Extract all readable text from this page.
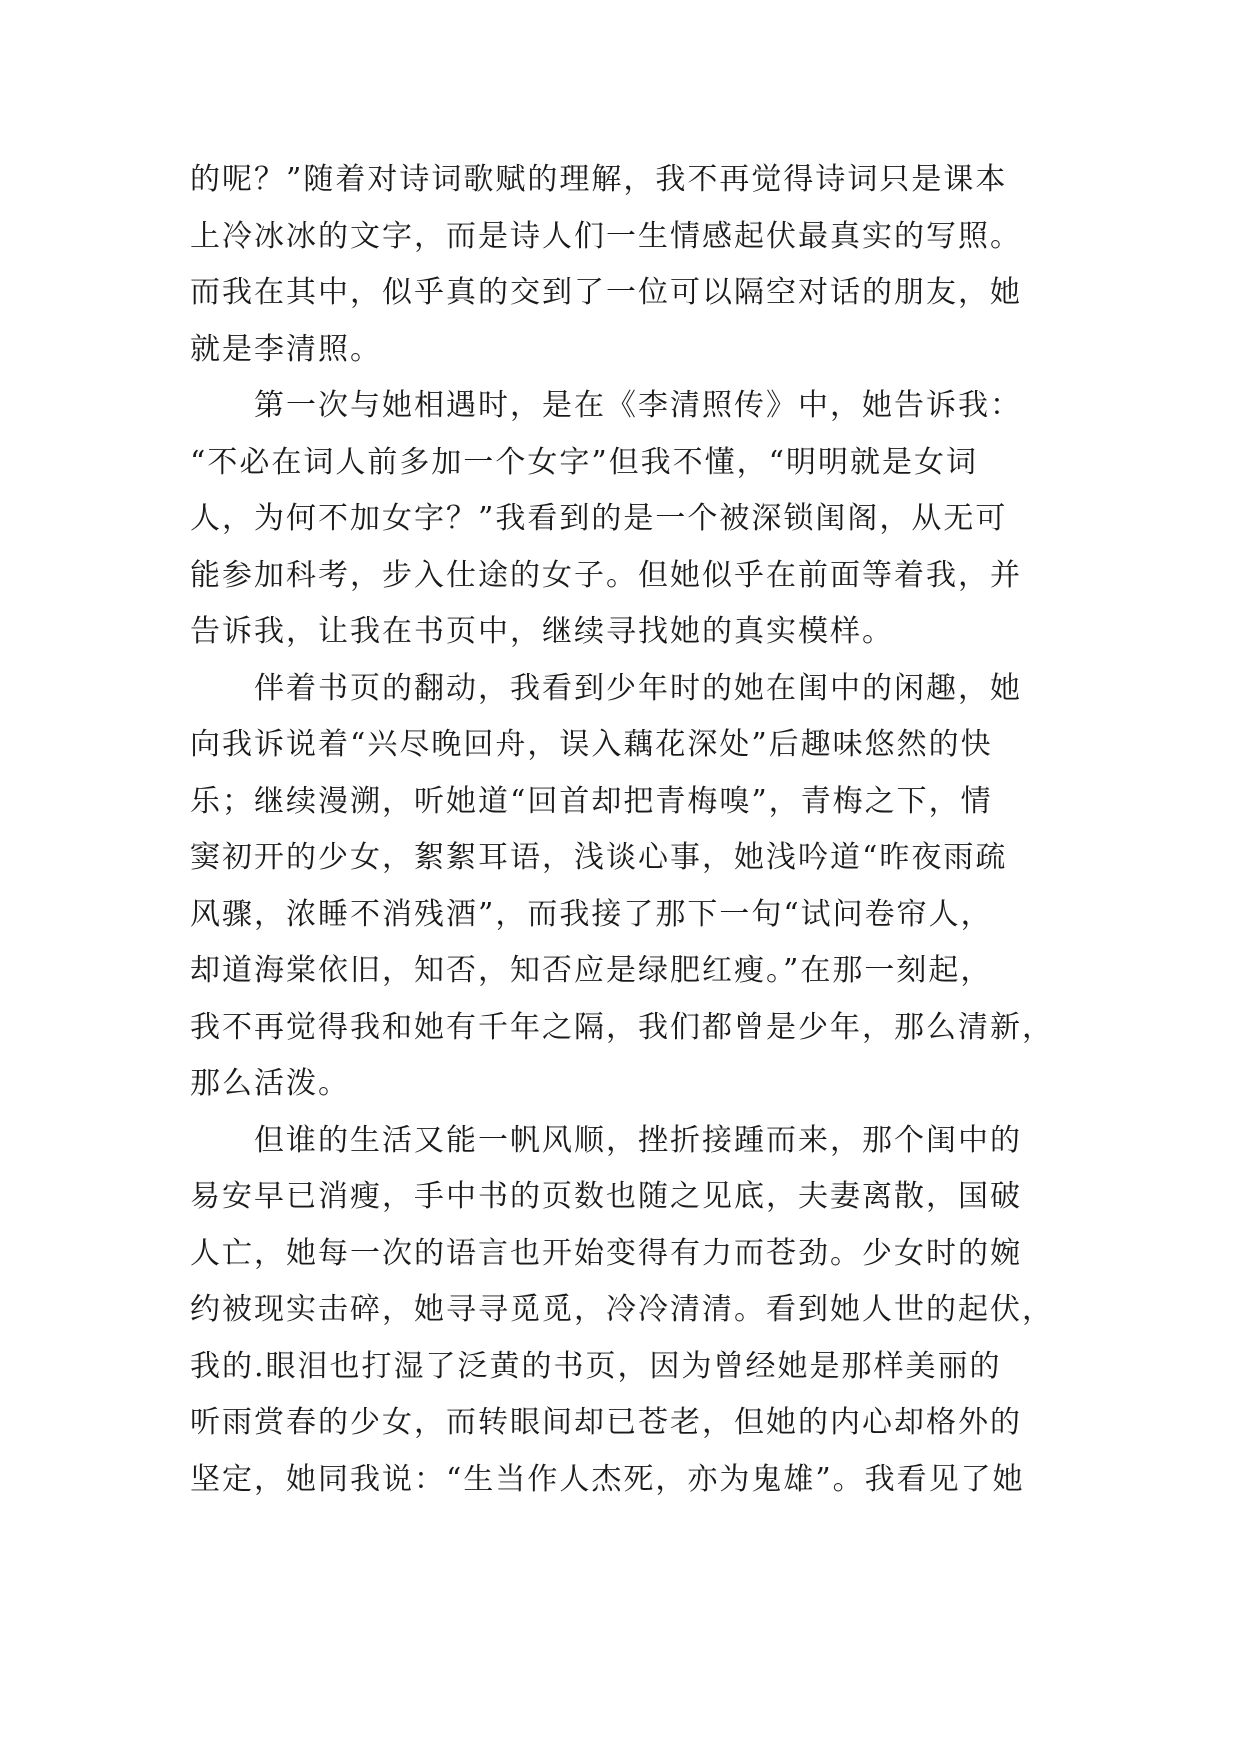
的呢？”随着对诗词歌赋的理解，我不再觉得诗词只是课本
上冷冰冰的文字，而是诗人们一生情感起伏最真实的写照。
而我在其中，似乎真的交到了一位可以隔空对话的朋友，她
就是李清照。
　　第一次与她相遇时，是在《李清照传》中，她告诉我：
“不必在词人前多加一个女字”但我不懂，“明明就是女词
人，为何不加女字？”我看到的是一个被深锁闺阁，从无可
能参加科考，步入仕途的女子。但她似乎在前面等着我，并
告诉我，让我在书页中，继续寻找她的真实模样。
　　伴着书页的翻动，我看到少年时的她在闺中的闲趣，她
向我诉说着“兴尽晚回舟，误入藕花深处”后趣味悠然的快
乐；继续漫溯，听她道“回首却把青梅嗅”，青梅之下，情
窦初开的少女，絮絮耳语，浅谈心事，她浅吟道“昨夜雨疏
风骤，浓睡不消残酒”，而我接了那下一句“试问卷帘人，
却道海棠依旧，知否，知否应是绿肥红瘦。”在那一刻起，
我不再觉得我和她有千年之隔，我们都曾是少年，那么清新，
那么活泼。
　　但谁的生活又能一帆风顺，挫折接踵而来，那个闺中的
易安早已消瘦，手中书的页数也随之见底，夫妻离散，国破
人亡，她每一次的语言也开始变得有力而苍劲。少女时的婉
约被现实击碎，她寻寻觅觅，冷冷清清。看到她人世的起伏，
我的.眼泪也打湿了泛黄的书页，因为曾经她是那样美丽的
听雨赏春的少女，而转眼间却已苍老，但她的内心却格外的
坚定，她同我说：“生当作人杰死，亦为鬼雄”。我看见了她
